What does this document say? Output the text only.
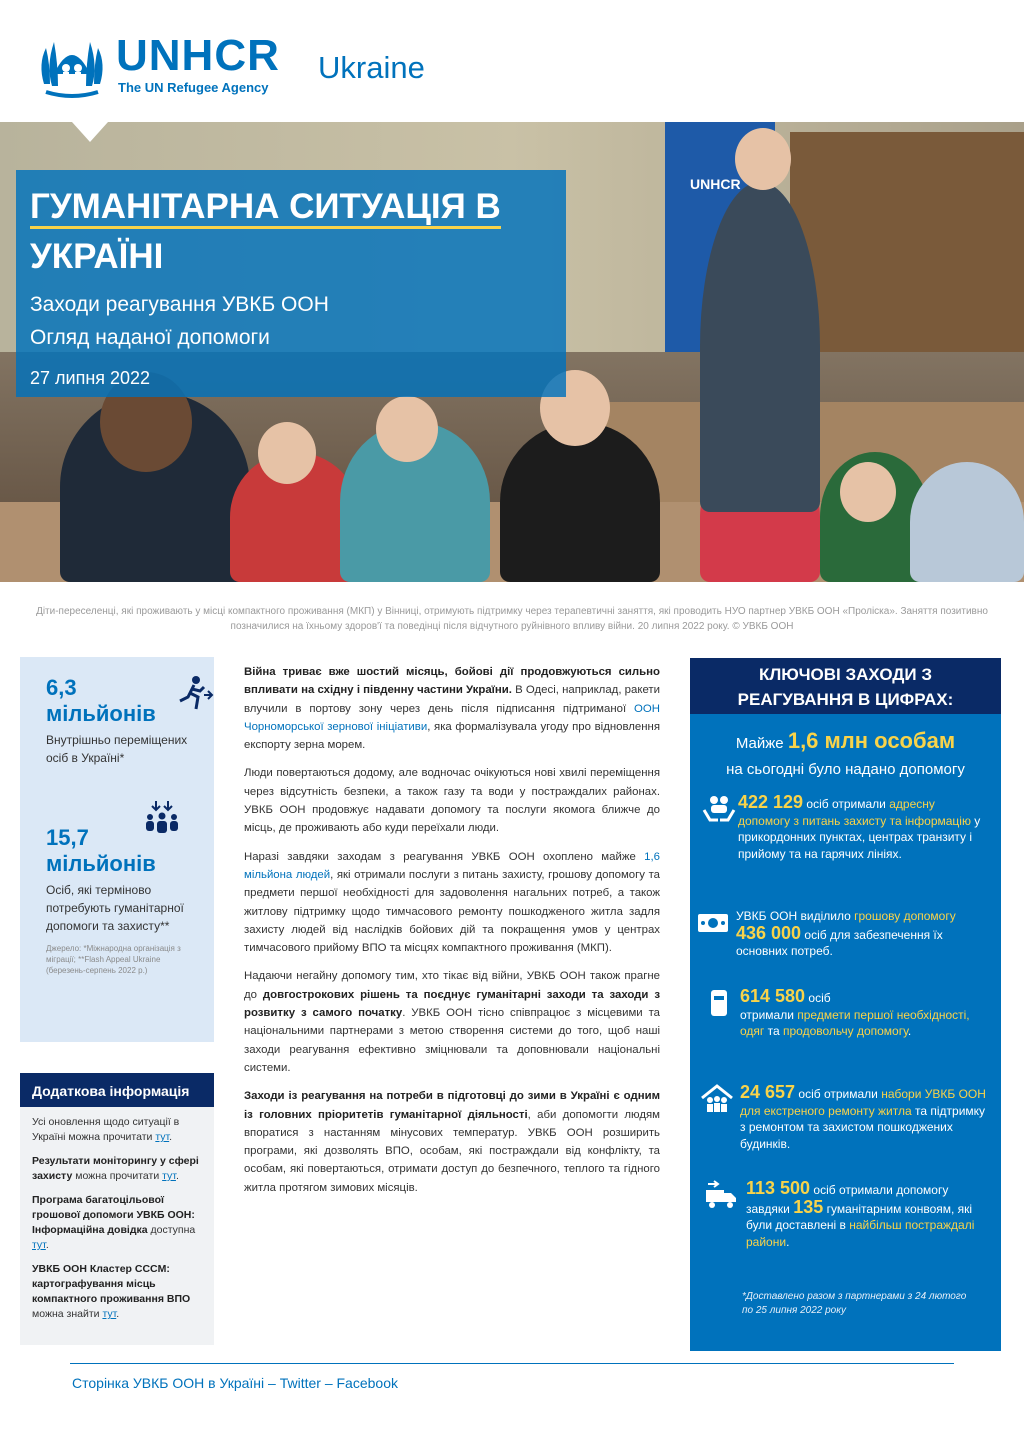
UNHCR
The UN Refugee Agency
Ukraine
UNHCR
ГУМАНІТАРНА СИТУАЦІЯ В
УКРАЇНІ
Заходи реагування УВКБ ООН
Огляд наданої допомоги
27 липня 2022
Діти-переселенці, які проживають у місці компактного проживання (МКП) у Вінниці, отримують підтримку через терапевтичні заняття, які проводить НУО партнер УВКБ ООН «Проліска». Заняття позитивно позначилися на їхньому здоров'ї та поведінці після відчутного руйнівного впливу війни. 20 липня 2022 року. © УВКБ ООН
6,3
мільйонів
Внутрішньо переміщених осіб в Україні*
15,7
мільйонів
Осіб, які терміново потребують гуманітарної допомоги та захисту**
Джерело: *Міжнародна організація з міграції; **Flash Appeal Ukraine (березень-серпень 2022 р.)
Додаткова інформація

Усі оновлення щодо ситуації в Україні можна прочитати тут.

Результати моніторингу у сфері захисту можна прочитати тут.

Програма багатоцільової грошової допомоги УВКБ ООН: Інформаційна довідка доступна тут.

УВКБ ООН Кластер CCCM: картографування місць компактного проживання ВПО можна знайти тут.

Війна триває вже шостий місяць, бойові дії продовжуються сильно впливати на східну і південну частини України. В Одесі, наприклад, ракети влучили в портову зону через день після підписання підтриманої ООН Чорноморської зернової ініціативи, яка формалізувала угоду про відновлення експорту зерна морем.

Люди повертаються додому, але водночас очікуються нові хвилі переміщення через відсутність безпеки, а також газу та води у постраждалих районах. УВКБ ООН продовжує надавати допомогу та послуги якомога ближче до місць, де проживають або куди переїхали люди.

Наразі завдяки заходам з реагування УВКБ ООН охоплено майже 1,6 мільйона людей, які отримали послуги з питань захисту, грошову допомогу та предмети першої необхідності для задоволення нагальних потреб, а також житлову підтримку щодо тимчасового ремонту пошкодженого житла задля захисту людей від наслідків бойових дій та покращення умов у центрах тимчасового прийому ВПО та місцях компактного проживання (МКП).

Надаючи негайну допомогу тим, хто тікає від війни, УВКБ ООН також прагне до довгострокових рішень та поєднує гуманітарні заходи та заходи з розвитку з самого початку. УВКБ ООН тісно співпрацює з місцевими та національними партнерами з метою створення системи до того, щоб наші заходи реагування ефективно зміцнювали та доповнювали національні системи.

Заходи із реагування на потреби в підготовці до зими в Україні є одним із головних пріоритетів гуманітарної діяльності, аби допомогти людям впоратися з настанням мінусових температур. УВКБ ООН розширить програми, які дозволять ВПО, особам, які постраждали від конфлікту, та особам, які повертаються, отримати доступ до безпечного, теплого та гідного житла протягом зимових місяців.

КЛЮЧОВІ ЗАХОДИ З
РЕАГУВАННЯ В ЦИФРАХ:
Майже 1,6 млн особам
на сьогодні було надано допомогу
422 129 осіб отримали адресну допомогу з питань захисту та інформацію у прикордонних пунктах, центрах транзиту і прийому та на гарячих лініях.
УВКБ ООН виділило грошову допомогу
436 000 осіб для забезпечення їх основних потреб.
614 580 осіб
отримали предмети першої необхідності, одяг та продовольчу допомогу.
24 657 осіб отримали набори УВКБ ООН для екстреного ремонту житла та підтримку з ремонтом та захистом пошкоджених будинків.
113 500 осіб отримали допомогу завдяки 135 гуманітарним конвоям, які були доставлені в найбільш постраждалі райони.
*Доставлено разом з партнерами з 24 лютого по 25 липня 2022 року
Сторінка УВКБ ООН в Україні – Twitter – Facebook
